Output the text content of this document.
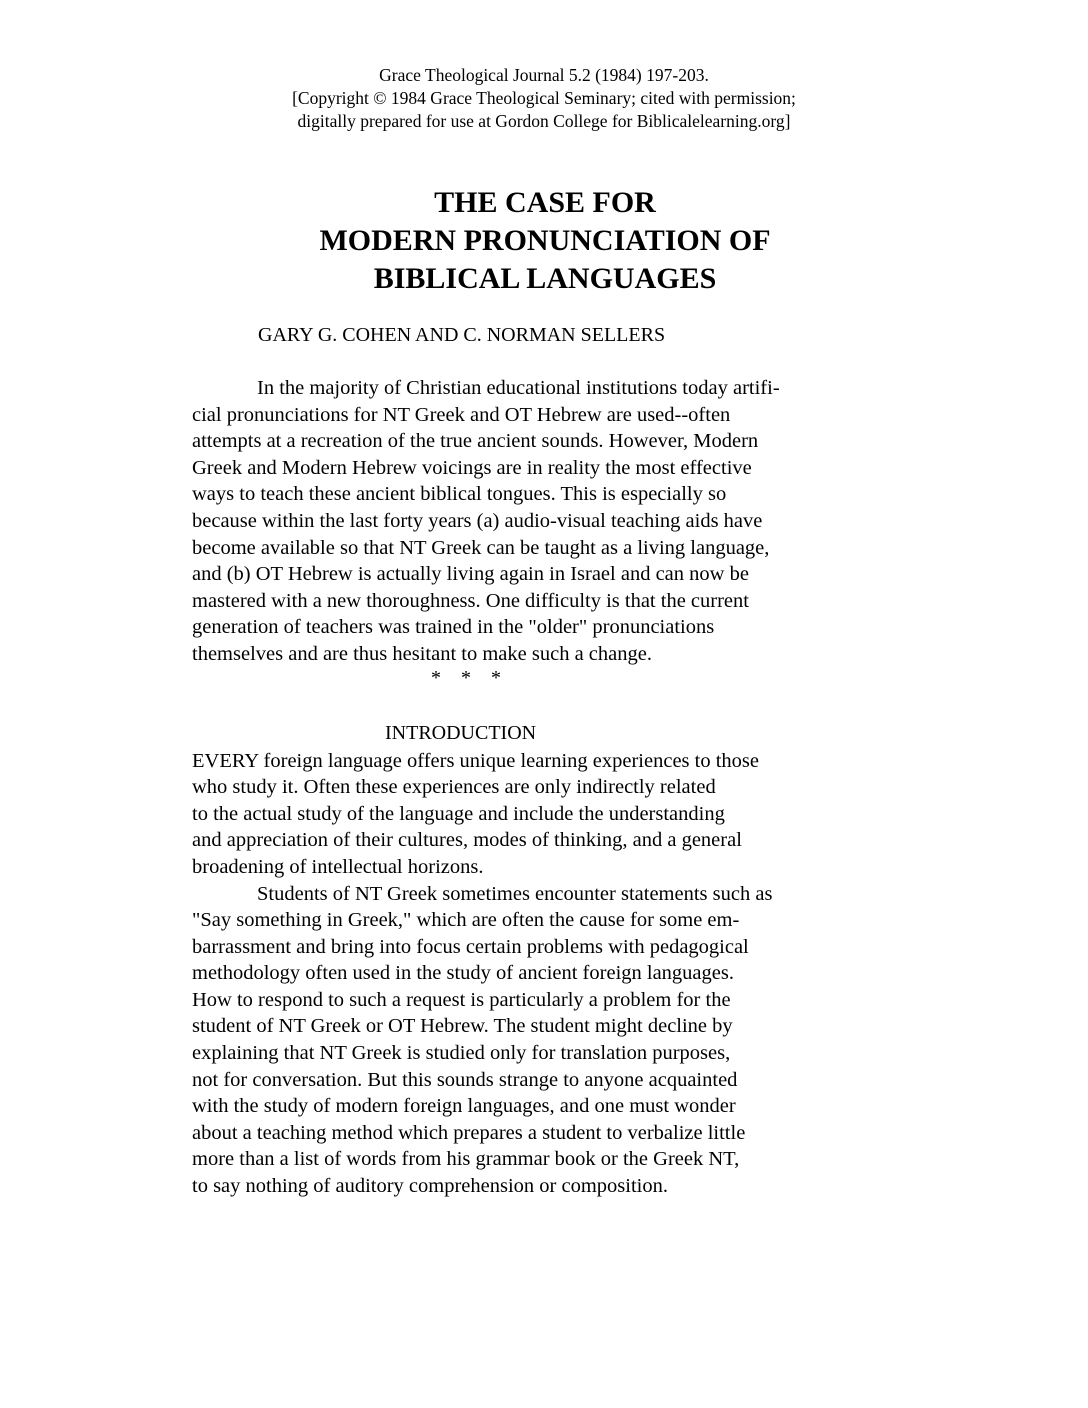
Grace Theological Journal 5.2 (1984) 197-203.
[Copyright © 1984 Grace Theological Seminary; cited with permission;
digitally prepared for use at Gordon College for Biblicalelearning.org]
THE CASE FOR
MODERN PRONUNCIATION OF
BIBLICAL LANGUAGES
GARY G. COHEN AND C. NORMAN SELLERS
In the majority of Christian educational institutions today artifi-
cial pronunciations for NT Greek and OT Hebrew are used--often
attempts at a recreation of the true ancient sounds. However, Modern
Greek and Modern Hebrew voicings are in reality the most effective
ways to teach these ancient biblical tongues. This is especially so
because within the last forty years (a) audio-visual teaching aids have
become available so that NT Greek can be taught as a living language,
and (b) OT Hebrew is actually living again in Israel and can now be
mastered with a new thoroughness. One difficulty is that the current
generation of teachers was trained in the "older" pronunciations
themselves and are thus hesitant to make such a change.
*    *    *
INTRODUCTION
EVERY foreign language offers unique learning experiences to those
who study it. Often these experiences are only indirectly related
to the actual study of the language and include the understanding
and appreciation of their cultures, modes of thinking, and a general
broadening of intellectual horizons.
Students of NT Greek sometimes encounter statements such as
"Say something in Greek," which are often the cause for some em-
barrassment and bring into focus certain problems with pedagogical
methodology often used in the study of ancient foreign languages.
How to respond to such a request is particularly a problem for the
student of NT Greek or OT Hebrew. The student might decline by
explaining that NT Greek is studied only for translation purposes,
not for conversation. But this sounds strange to anyone acquainted
with the study of modern foreign languages, and one must wonder
about a teaching method which prepares a student to verbalize little
more than a list of words from his grammar book or the Greek NT,
to say nothing of auditory comprehension or composition.
